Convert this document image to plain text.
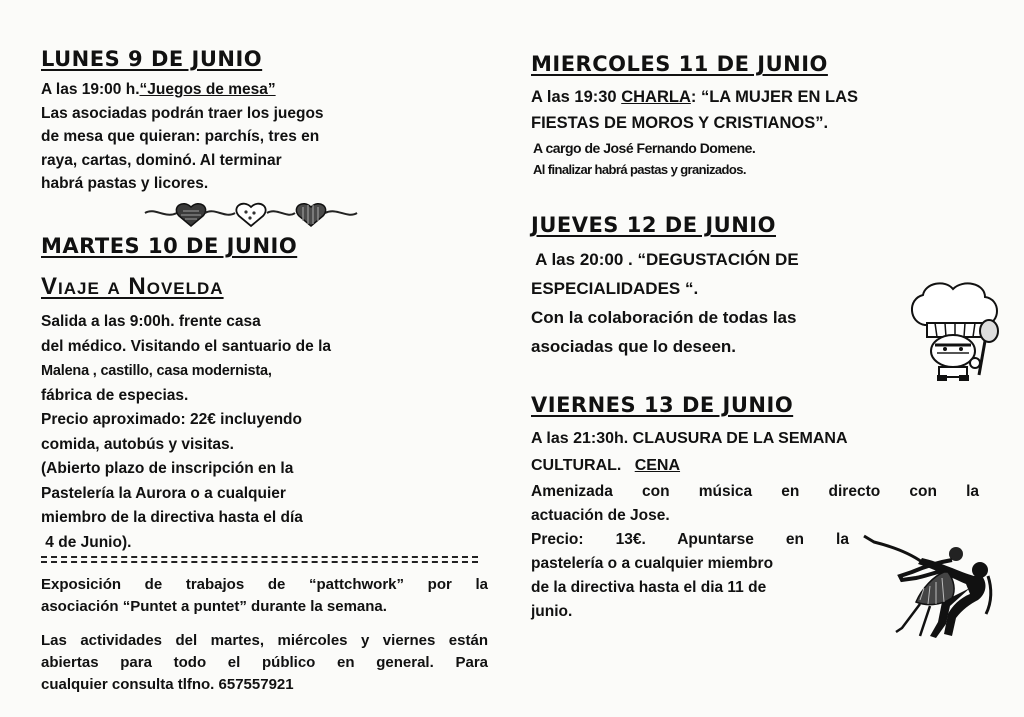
LUNES 9 DE JUNIO
A las 19:00 h.“Juegos de mesa”
Las asociadas podrán traer los juegos
de mesa que quieran: parchís, tres en
raya, cartas, dominó. Al terminar
habrá pastas y licores.
MARTES 10 DE JUNIO
Viaje a Novelda
Salida a las 9:00h. frente casa
del médico. Visitando el santuario de la
Malena , castillo, casa modernista,
fábrica de especias.
Precio aproximado: 22€ incluyendo
comida, autobús y visitas.
(Abierto plazo de inscripción en la
Pastelería la Aurora o a cualquier
miembro de la directiva hasta el día
4 de Junio).
Exposición de trabajos de “pattchwork” por la
asociación “Puntet a puntet” durante la semana.
Las actividades del martes, miércoles y viernes están
abiertas para todo el público en general. Para
cualquier consulta tlfno. 657557921
MIERCOLES 11 DE JUNIO
A las 19:30 CHARLA: “LA MUJER EN LAS
FIESTAS DE MOROS Y CRISTIANOS”.
A cargo de José Fernando Domene.
Al finalizar habrá pastas y granizados.
JUEVES 12 DE JUNIO
A las 20:00 . “DEGUSTACIÓN DE
ESPECIALIDADES “.
Con la colaboración de todas las
asociadas que lo deseen.
VIERNES 13 DE JUNIO
A las 21:30h. CLAUSURA DE LA SEMANA
CULTURAL. CENA
Amenizada con música en directo con la
actuación de Jose.
Precio: 13€. Apuntarse en la
pastelería o a cualquier miembro
de la directiva hasta el dia 11 de
junio.
